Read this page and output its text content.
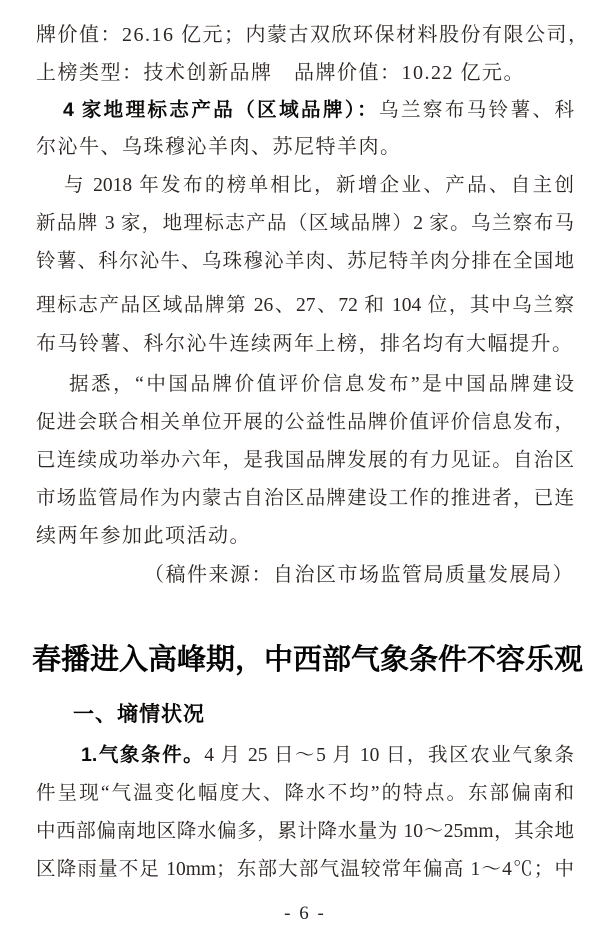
牌价值：26.16 亿元；内蒙古双欣环保材料股份有限公司，
上榜类型：技术创新品牌　品牌价值：10.22 亿元。
4 家地理标志产品（区域品牌）：乌兰察布马铃薯、科
尔沁牛、乌珠穆沁羊肉、苏尼特羊肉。
与 2018 年发布的榜单相比，新增企业、产品、自主创
新品牌 3 家，地理标志产品（区域品牌）2 家。乌兰察布马
铃薯、科尔沁牛、乌珠穆沁羊肉、苏尼特羊肉分排在全国地
理标志产品区域品牌第 26、27、72 和 104 位，其中乌兰察
布马铃薯、科尔沁牛连续两年上榜，排名均有大幅提升。
据悉，“中国品牌价值评价信息发布”是中国品牌建设
促进会联合相关单位开展的公益性品牌价值评价信息发布，
已连续成功举办六年，是我国品牌发展的有力见证。自治区
市场监管局作为内蒙古自治区品牌建设工作的推进者，已连
续两年参加此项活动。
（稿件来源：自治区市场监管局质量发展局）
春播进入高峰期，中西部气象条件不容乐观
一、墒情状况
1.气象条件。4 月 25 日～5 月 10 日，我区农业气象条
件呈现“气温变化幅度大、降水不均”的特点。东部偏南和
中西部偏南地区降水偏多，累计降水量为 10～25mm，其余地
区降雨量不足 10mm；东部大部气温较常年偏高 1～4℃；中
- 6 -
